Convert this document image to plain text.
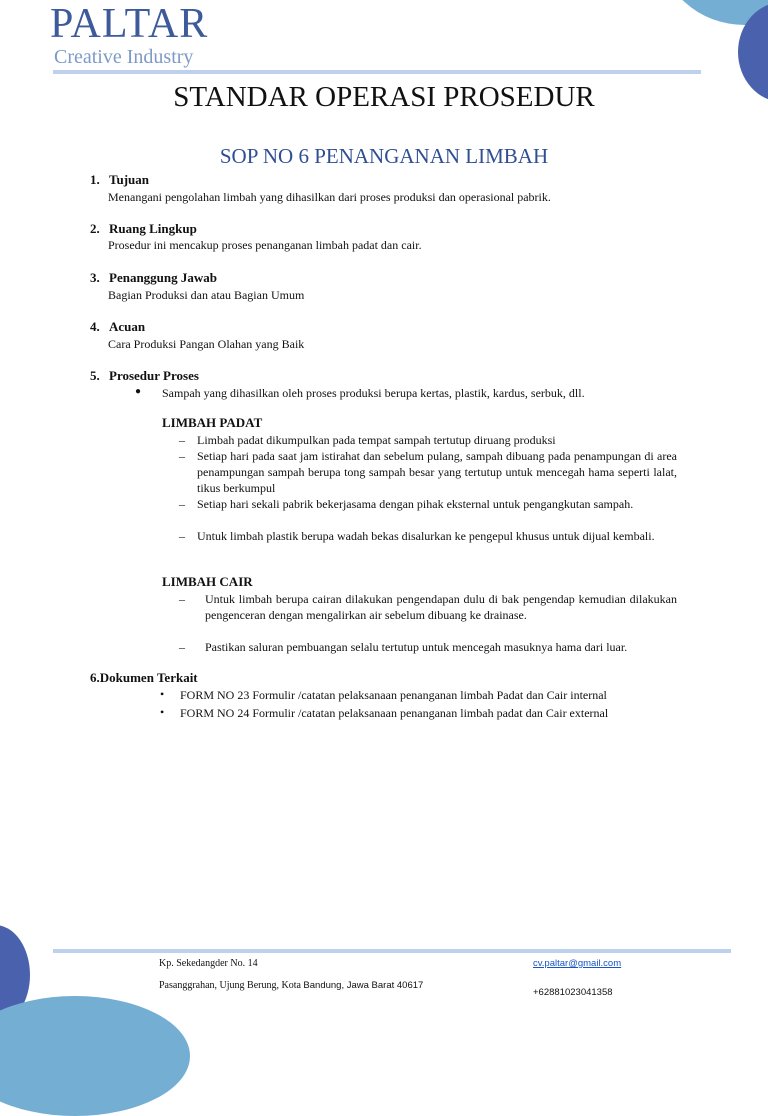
PALTAR
Creative Industry
STANDAR OPERASI PROSEDUR
SOP NO 6 PENANGANAN LIMBAH
1. Tujuan
Menangani pengolahan limbah yang dihasilkan dari proses produksi dan operasional pabrik.
2. Ruang Lingkup
Prosedur ini mencakup proses penanganan limbah padat dan cair.
3. Penanggung Jawab
Bagian Produksi dan atau Bagian Umum
4. Acuan
Cara Produksi Pangan Olahan yang Baik
5. Prosedur Proses
● Sampah yang dihasilkan oleh proses produksi berupa kertas, plastik, kardus, serbuk, dll.
LIMBAH PADAT
– Limbah padat dikumpulkan pada tempat sampah tertutup diruang produksi
– Setiap hari pada saat jam istirahat dan sebelum pulang, sampah dibuang pada penampungan di area penampungan sampah berupa tong sampah besar yang tertutup untuk mencegah hama seperti lalat, tikus berkumpul
– Setiap hari sekali pabrik bekerjasama dengan pihak eksternal untuk pengangkutan sampah.
– Untuk limbah plastik berupa wadah bekas disalurkan ke pengepul khusus untuk dijual kembali.
LIMBAH CAIR
– Untuk limbah berupa cairan dilakukan pengendapan dulu di bak pengendap kemudian dilakukan pengenceran dengan mengalirkan air sebelum dibuang ke drainase.
– Pastikan saluran pembuangan selalu tertutup untuk mencegah masuknya hama dari luar.
6.Dokumen Terkait
• FORM NO 23 Formulir /catatan pelaksanaan penanganan limbah Padat dan Cair internal
• FORM NO 24 Formulir /catatan pelaksanaan penanganan limbah padat dan Cair external
Kp. Sekedangder No. 14
Pasanggrahan, Ujung Berung, Kota Bandung, Jawa Barat 40617
cv.paltar@gmail.com
+62881023041358
